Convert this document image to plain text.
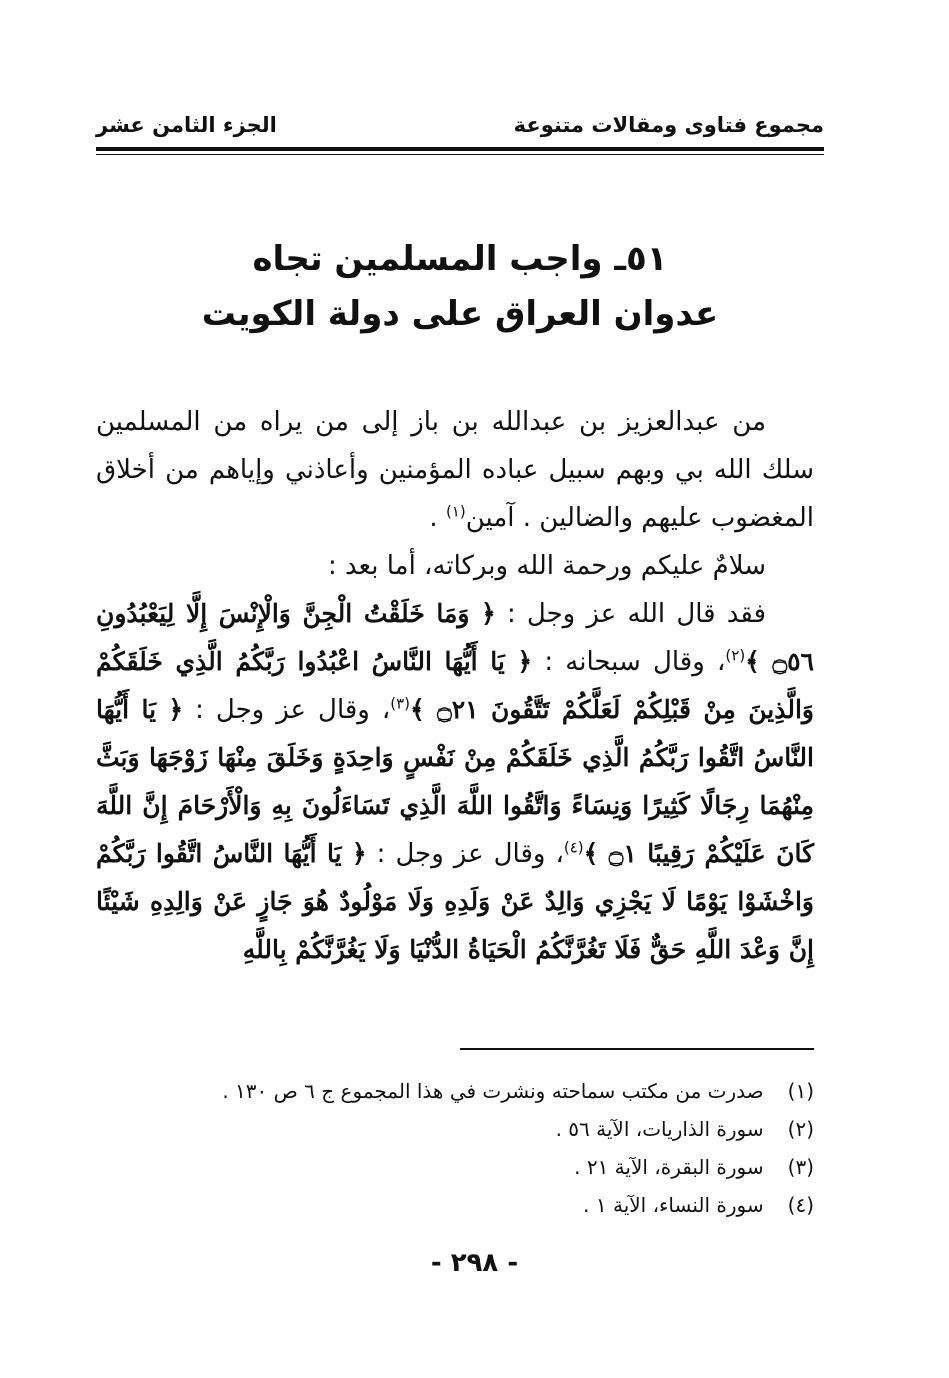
مجموع فتاوى ومقالات متنوعة
الجزء الثامن عشر
٥١ـ واجب المسلمين تجاه
عدوان العراق على دولة الكويت

من عبدالعزيز بن عبدالله بن باز إلى من يراه من المسلمين سلك الله بي وبهم سبيل عباده المؤمنين وأعاذني وإياهم من أخلاق المغضوب عليهم والضالين . آمين$^{(١)}$ .

سلامٌ عليكم ورحمة الله وبركاته، أما بعد :

فقد قال الله عز وجل : ﴿ وَمَا خَلَقْتُ الْجِنَّ وَالْإِنْسَ إِلَّا لِيَعْبُدُونِ ۝٥٦ ﴾$^{(٢)}$، وقال سبحانه : ﴿ يَا أَيُّهَا النَّاسُ اعْبُدُوا رَبَّكُمُ الَّذِي خَلَقَكُمْ وَالَّذِينَ مِنْ قَبْلِكُمْ لَعَلَّكُمْ تَتَّقُونَ ۝٢١ ﴾$^{(٣)}$، وقال عز وجل : ﴿ يَا أَيُّهَا النَّاسُ اتَّقُوا رَبَّكُمُ الَّذِي خَلَقَكُمْ مِنْ نَفْسٍ وَاحِدَةٍ وَخَلَقَ مِنْهَا زَوْجَهَا وَبَثَّ مِنْهُمَا رِجَالًا كَثِيرًا وَنِسَاءً وَاتَّقُوا اللَّهَ الَّذِي تَسَاءَلُونَ بِهِ وَالْأَرْحَامَ إِنَّ اللَّهَ كَانَ عَلَيْكُمْ رَقِيبًا ۝١ ﴾$^{(٤)}$، وقال عز وجل : ﴿ يَا أَيُّهَا النَّاسُ اتَّقُوا رَبَّكُمْ وَاخْشَوْا يَوْمًا لَا يَجْزِي وَالِدٌ عَنْ وَلَدِهِ وَلَا مَوْلُودٌ هُوَ جَازٍ عَنْ وَالِدِهِ شَيْئًا إِنَّ وَعْدَ اللَّهِ حَقٌّ فَلَا تَغُرَّنَّكُمُ الْحَيَاةُ الدُّنْيَا وَلَا يَغُرَّنَّكُمْ بِاللَّهِ

(١) صدرت من مكتب سماحته ونشرت في هذا المجموع ج ٦ ص ١٣٠ .
(٢) سورة الذاريات، الآية ٥٦ .
(٣) سورة البقرة، الآية ٢١ .
(٤) سورة النساء، الآية ١ .
- ٢٩٨ -
